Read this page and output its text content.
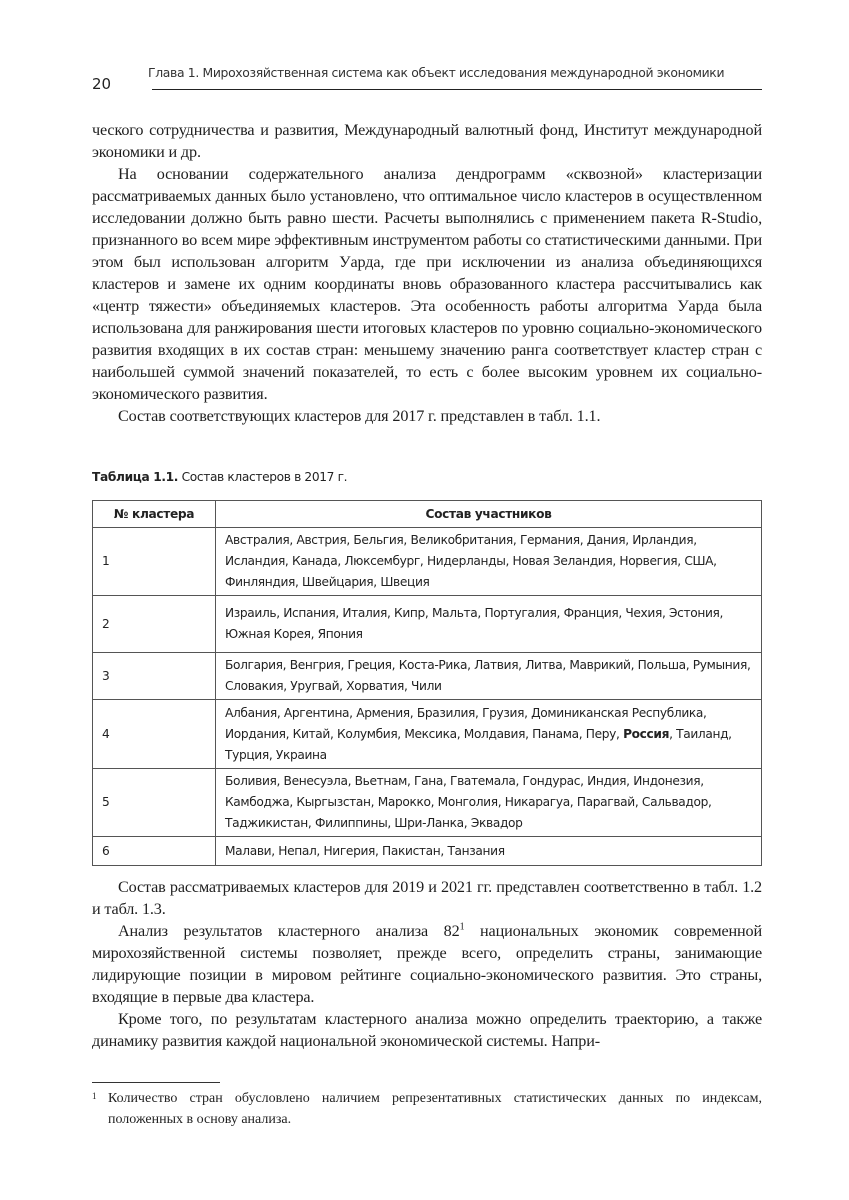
20
Глава 1. Мирохозяйственная система как объект исследования международной экономики

ческого сотрудничества и развития, Международный валютный фонд, Институт международной экономики и др.

На основании содержательного анализа дендрограмм «сквозной» кластеризации рассматриваемых данных было установлено, что оптимальное число кластеров в осуществленном исследовании должно быть равно шести. Расчеты выполнялись с применением пакета R-Studio, признанного во всем мире эффективным инструментом работы со статистическими данными. При этом был использован алгоритм Уарда, где при исключении из анализа объединяющихся кластеров и замене их одним координаты вновь образованного кластера рассчитывались как «центр тяжести» объединяемых кластеров. Эта особенность работы алгоритма Уарда была использована для ранжирования шести итоговых кластеров по уровню социально-экономического развития входящих в их состав стран: меньшему значению ранга соответствует кластер стран с наибольшей суммой значений показателей, то есть с более высоким уровнем их социально-экономического развития.

Состав соответствующих кластеров для 2017 г. представлен в табл. 1.1.

Таблица 1.1. Состав кластеров в 2017 г.
№ кластера	Состав участников
1	Австралия, Австрия, Бельгия, Великобритания, Германия, Дания, Ирландия, Исландия, Канада, Люксембург, Нидерланды, Новая Зеландия, Норвегия, США, Финляндия, Швейцария, Швеция
2	Израиль, Испания, Италия, Кипр, Мальта, Португалия, Франция, Чехия, Эстония, Южная Корея, Япония
3	Болгария, Венгрия, Греция, Коста-Рика, Латвия, Литва, Маврикий, Польша, Румыния, Словакия, Уругвай, Хорватия, Чили
4	Албания, Аргентина, Армения, Бразилия, Грузия, Доминиканская Республика, Иордания, Китай, Колумбия, Мексика, Молдавия, Панама, Перу, Россия, Таиланд, Турция, Украина
5	Боливия, Венесуэла, Вьетнам, Гана, Гватемала, Гондурас, Индия, Индонезия, Камбоджа, Кыргызстан, Марокко, Монголия, Никарагуа, Парагвай, Сальвадор, Таджикистан, Филиппины, Шри-Ланка, Эквадор
6	Малави, Непал, Нигерия, Пакистан, Танзания

Состав рассматриваемых кластеров для 2019 и 2021 гг. представлен соответственно в табл. 1.2 и табл. 1.3.

Анализ результатов кластерного анализа $82^1$ национальных экономик современной мирохозяйственной системы позволяет, прежде всего, определить страны, занимающие лидирующие позиции в мировом рейтинге социально-экономического развития. Это страны, входящие в первые два кластера.

Кроме того, по результатам кластерного анализа можно определить траекторию, а также динамику развития каждой национальной экономической системы. Напри-

1 Количество стран обусловлено наличием репрезентативных статистических данных по индексам, положенных в основу анализа.
